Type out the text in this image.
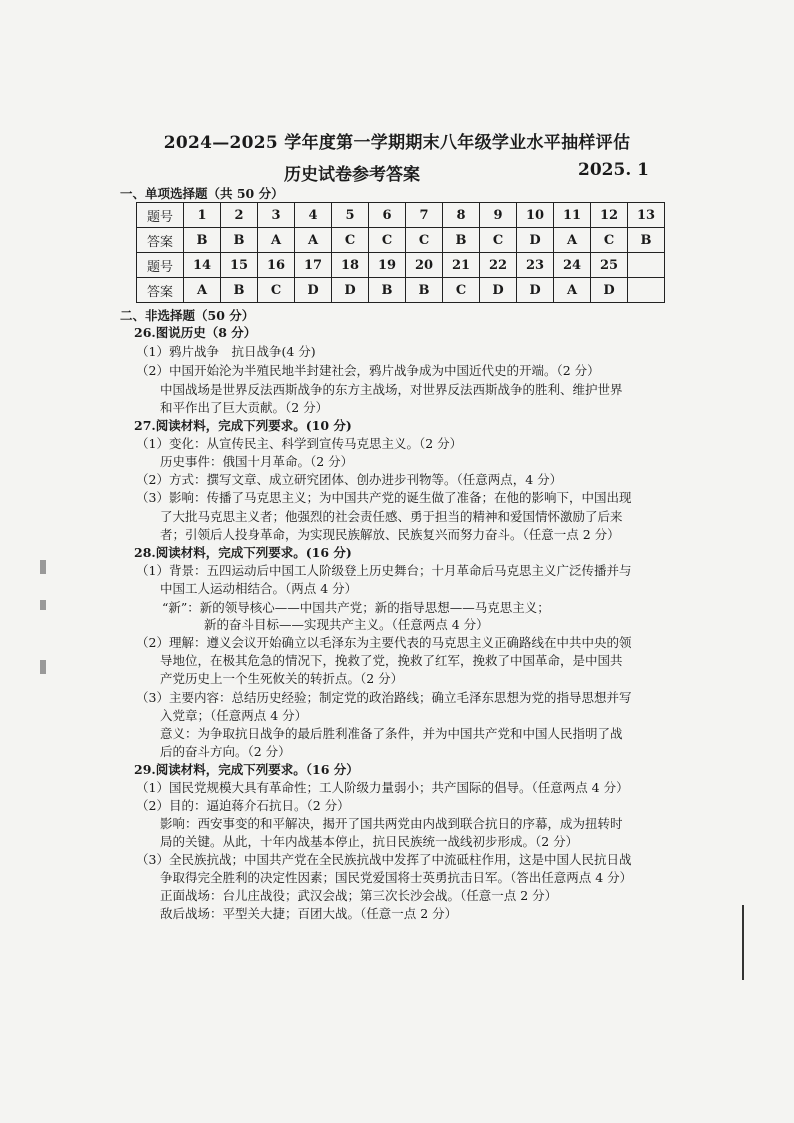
2024—2025 学年度第一学期期末八年级学业水平抽样评估
历史试卷参考答案	2025. 1
一、单项选择题（共 50 分）
题号	1	2	3	4	5	6	7	8	9	10	11	12	13
答案	B	B	A	A	C	C	C	B	C	D	A	C	B
题号	14	15	16	17	18	19	20	21	22	23	24	25	
答案	A	B	C	D	D	B	B	C	D	D	A	D	
二、非选择题（50 分）
26.图说历史（8 分）
（1）鸦片战争　抗日战争(4 分)
（2）中国开始沦为半殖民地半封建社会，鸦片战争成为中国近代史的开端。（2 分）
中国战场是世界反法西斯战争的东方主战场，对世界反法西斯战争的胜利、维护世界
和平作出了巨大贡献。（2 分）
27.阅读材料，完成下列要求。(10 分)
（1）变化：从宣传民主、科学到宣传马克思主义。（2 分）
历史事件：俄国十月革命。（2 分）
（2）方式：撰写文章、成立研究团体、创办进步刊物等。（任意两点，4 分）
（3）影响：传播了马克思主义；为中国共产党的诞生做了准备；在他的影响下，中国出现
了大批马克思主义者；他强烈的社会责任感、勇于担当的精神和爱国情怀激励了后来
者；引领后人投身革命，为实现民族解放、民族复兴而努力奋斗。（任意一点 2 分）
28.阅读材料，完成下列要求。(16 分)
（1）背景：五四运动后中国工人阶级登上历史舞台；十月革命后马克思主义广泛传播并与
中国工人运动相结合。（两点 4 分）
“新”：新的领导核心——中国共产党；新的指导思想——马克思主义；
新的奋斗目标——实现共产主义。（任意两点 4 分）
（2）理解：遵义会议开始确立以毛泽东为主要代表的马克思主义正确路线在中共中央的领
导地位，在极其危急的情况下，挽救了党，挽救了红军，挽救了中国革命，是中国共
产党历史上一个生死攸关的转折点。（2 分）
（3）主要内容：总结历史经验；制定党的政治路线；确立毛泽东思想为党的指导思想并写
入党章；（任意两点 4 分）
意义：为争取抗日战争的最后胜利准备了条件，并为中国共产党和中国人民指明了战
后的奋斗方向。（2 分）
29.阅读材料，完成下列要求。（16 分）
（1）国民党规模大具有革命性；工人阶级力量弱小；共产国际的倡导。（任意两点 4 分）
（2）目的：逼迫蒋介石抗日。（2 分）
影响：西安事变的和平解决，揭开了国共两党由内战到联合抗日的序幕，成为扭转时
局的关键。从此，十年内战基本停止，抗日民族统一战线初步形成。（2 分）
（3）全民族抗战；中国共产党在全民族抗战中发挥了中流砥柱作用，这是中国人民抗日战
争取得完全胜利的决定性因素；国民党爱国将士英勇抗击日军。（答出任意两点 4 分）
正面战场：台儿庄战役；武汉会战；第三次长沙会战。（任意一点 2 分）
敌后战场：平型关大捷；百团大战。（任意一点 2 分）
